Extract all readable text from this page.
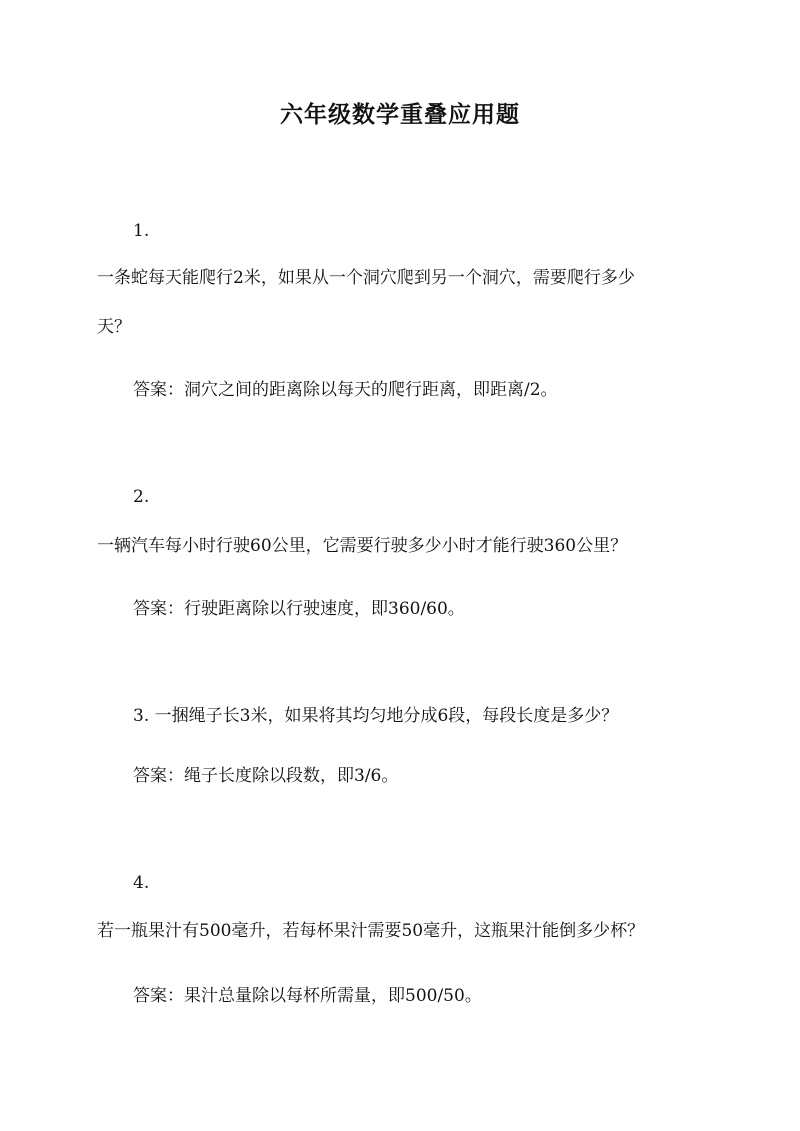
六年级数学重叠应用题
1.
一条蛇每天能爬行2米，如果从一个洞穴爬到另一个洞穴，需要爬行多少
天？
答案：洞穴之间的距离除以每天的爬行距离，即距离/2。
2.
一辆汽车每小时行驶60公里，它需要行驶多少小时才能行驶360公里？
答案：行驶距离除以行驶速度，即360/60。
3. 一捆绳子长3米，如果将其均匀地分成6段，每段长度是多少？
答案：绳子长度除以段数，即3/6。
4.
若一瓶果汁有500毫升，若每杯果汁需要50毫升，这瓶果汁能倒多少杯？
答案：果汁总量除以每杯所需量，即500/50。
